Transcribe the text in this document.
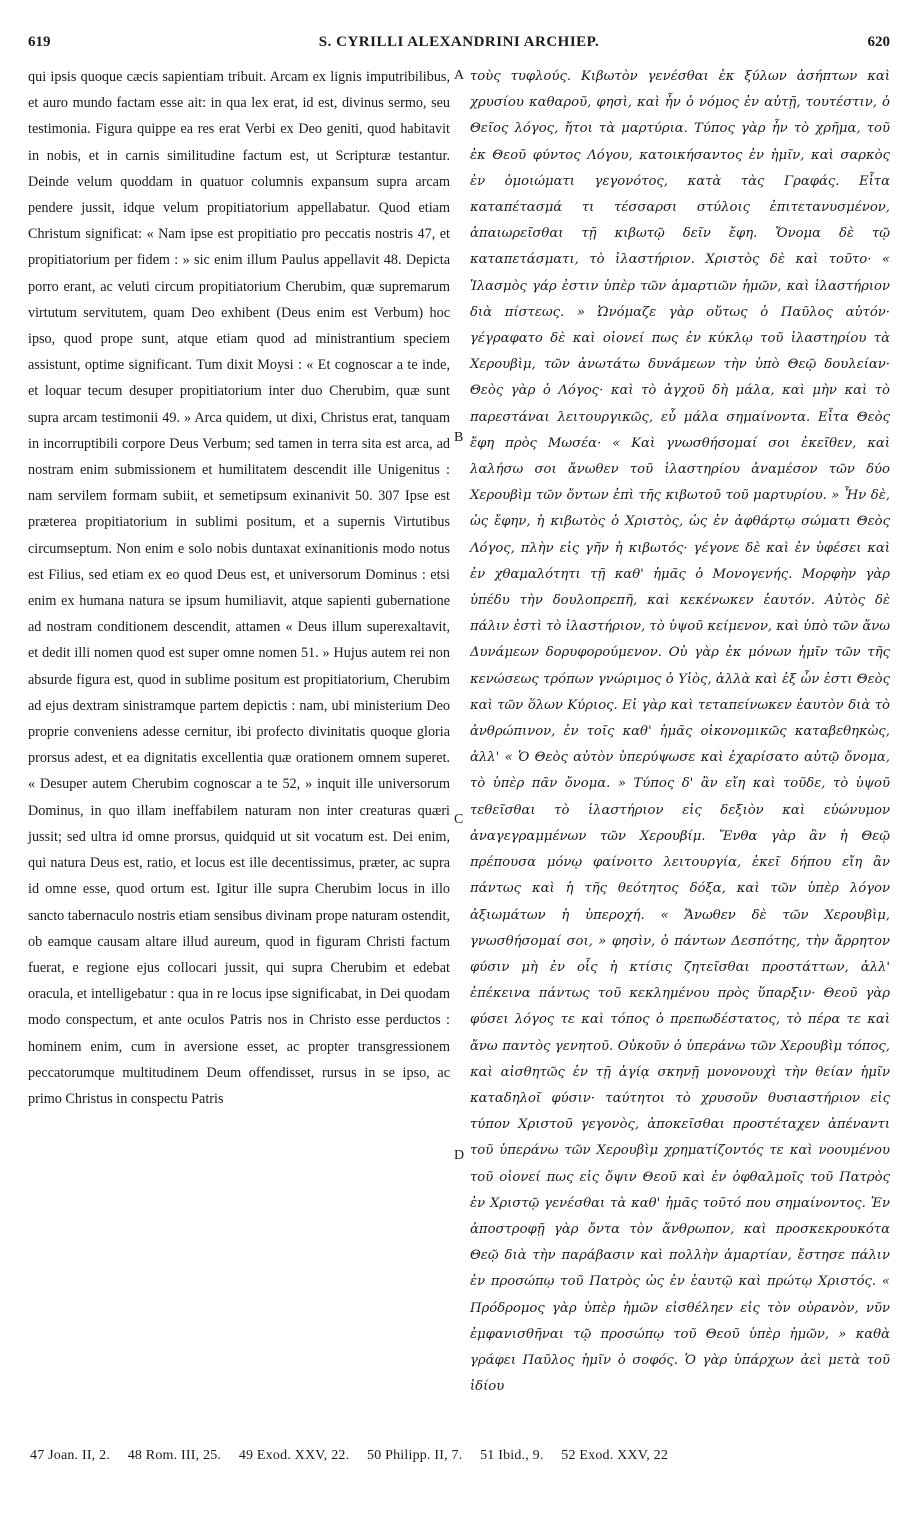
619	S. CYRILLI ALEXANDRINI ARCHIEP.	620

qui ipsis quoque cæcis sapientiam tribuit. Arcam ex lignis imputribilibus, et auro mundo factam esse ait: in qua lex erat, id est, divinus sermo, seu testimonia. Figura quippe ea res erat Verbi ex Deo geniti, quod habitavit in nobis, et in carnis similitudine factum est, ut Scripturæ testantur. Deinde velum quoddam in quatuor columnis expansum supra arcam pendere jussit, idque velum propitiatorium appellabatur. Quod etiam Christum significat: « Nam ipse est propitiatio pro peccatis nostris 47, et propitiatorium per fidem : » sic enim illum Paulus appellavit 48. Depicta porro erant, ac veluti circum propitiatorium Cherubim, quæ supremarum virtutum servitutem, quam Deo exhibent (Deus enim est Verbum) hoc ipso, quod prope sunt, atque etiam quod ad ministrantium speciem assistunt, optime significant. Tum dixit Moysi : « Et cognoscar a te inde, et loquar tecum desuper propitiatorium inter duo Cherubim, quæ sunt supra arcam testimonii 49. » Arca quidem, ut dixi, Christus erat, tanquam in incorruptibili corpore Deus Verbum; sed tamen in terra sita est arca, ad nostram enim submissionem et humilitatem descendit ille Unigenitus : nam servilem formam subiit, et semetipsum exinanivit 50. 307 Ipse est præterea propitiatorium in sublimi positum, et a supernis Virtutibus circumseptum. Non enim e solo nobis duntaxat exinanitionis modo notus est Filius, sed etiam ex eo quod Deus est, et universorum Dominus : etsi enim ex humana natura se ipsum humiliavit, atque sapienti gubernatione ad nostram conditionem descendit, attamen « Deus illum superexaltavit, et dedit illi nomen quod est super omne nomen 51. » Hujus autem rei non absurde figura est, quod in sublime positum est propitiatorium, Cherubim ad ejus dextram sinistramque partem depictis : nam, ubi ministerium Deo proprie conveniens adesse cernitur, ibi profecto divinitatis quoque gloria prorsus adest, et ea dignitatis excellentia quæ orationem omnem superet. « Desuper autem Cherubim cognoscar a te 52, » inquit ille universorum Dominus, in quo illam ineffabilem naturam non inter creaturas quæri jussit; sed ultra id omne prorsus, quidquid ut sit vocatum est. Dei enim, qui natura Deus est, ratio, et locus est ille decentissimus, præter, ac supra id omne esse, quod ortum est. Igitur ille supra Cherubim locus in illo sancto tabernaculo nostris etiam sensibus divinam prope naturam ostendit, ob eamque causam altare illud aureum, quod in figuram Christi factum fuerat, e regione ejus collocari jussit, qui supra Cherubim et edebat oracula, et intelligebatur : qua in re locus ipse significabat, in Dei quodam modo conspectum, et ante oculos Patris nos in Christo esse perductos : hominem enim, cum in aversione esset, ac propter transgressionem peccatorumque multitudinem Deum offendisset, rursus in se ipso, ac primo Christus in conspectu Patris

A
B
C
D

τοὺς τυφλούς. Κιβωτὸν γενέσθαι ἐκ ξύλων ἀσήπτων καὶ χρυσίου καθαροῦ, φησὶ, καὶ ἦν ὁ νόμος ἐν αὐτῇ, τουτέστιν, ὁ Θεῖος λόγος, ἤτοι τὰ μαρτύρια. Τύπος γὰρ ἦν τὸ χρῆμα, τοῦ ἐκ Θεοῦ φύντος Λόγου, κατοικήσαντος ἐν ἡμῖν, καὶ σαρκὸς ἐν ὁμοιώματι γεγονότος, κατὰ τὰς Γραφάς. Εἶτα καταπέτασμά τι τέσσαρσι στύλοις ἐπιτετανυσμένον, ἀπαιωρεῖσθαι τῇ κιβωτῷ δεῖν ἔφη. Ὄνομα δὲ τῷ καταπετάσματι, τὸ ἱλαστήριον. Χριστὸς δὲ καὶ τοῦτο· « Ἱλασμὸς γάρ ἐστιν ὑπὲρ τῶν ἁμαρτιῶν ἡμῶν, καὶ ἱλαστήριον διὰ πίστεως. » Ὠνόμαζε γὰρ οὕτως ὁ Παῦλος αὐτόν· γέγραφατο δὲ καὶ οἱονεί πως ἐν κύκλῳ τοῦ ἱλαστηρίου τὰ Χερουβὶμ, τῶν ἀνωτάτω δυνάμεων τὴν ὑπὸ Θεῷ δουλείαν· Θεὸς γὰρ ὁ Λόγος· καὶ τὸ ἀγχοῦ δὴ μάλα, καὶ μὴν καὶ τὸ παρεστάναι λειτουργικῶς, εὖ μάλα σημαίνοντα. Εἶτα Θεὸς ἔφη πρὸς Μωσέα· « Καὶ γνωσθήσομαί σοι ἐκεῖθεν, καὶ λαλήσω σοι ἄνωθεν τοῦ ἱλαστηρίου ἀναμέσον τῶν δύο Χερουβὶμ τῶν ὄντων ἐπὶ τῆς κιβωτοῦ τοῦ μαρτυρίου. » Ἦν δὲ, ὡς ἔφην, ἡ κιβωτὸς ὁ Χριστὸς, ὡς ἐν ἀφθάρτῳ σώματι Θεὸς Λόγος, πλὴν εἰς γῆν ἡ κιβωτός· γέγονε δὲ καὶ ἐν ὑφέσει καὶ ἐν χθαμαλότητι τῇ καθ' ἡμᾶς ὁ Μονογενής. Μορφὴν γὰρ ὑπέδυ τὴν δουλοπρεπῆ, καὶ κεκένωκεν ἑαυτόν. Αὐτὸς δὲ πάλιν ἐστὶ τὸ ἱλαστήριον, τὸ ὑψοῦ κείμενον, καὶ ὑπὸ τῶν ἄνω Δυνάμεων δορυφορούμενον. Οὐ γὰρ ἐκ μόνων ἡμῖν τῶν τῆς κενώσεως τρόπων γνώριμος ὁ Υἱὸς, ἀλλὰ καὶ ἐξ ὧν ἐστι Θεὸς καὶ τῶν ὅλων Κύριος. Εἰ γὰρ καὶ τεταπείνωκεν ἑαυτὸν διὰ τὸ ἀνθρώπινον, ἐν τοῖς καθ' ἡμᾶς οἰκονομικῶς καταβεθηκὼς, ἀλλ' « Ὁ Θεὸς αὐτὸν ὑπερύψωσε καὶ ἐχαρίσατο αὐτῷ ὄνομα, τὸ ὑπὲρ πᾶν ὄνομα. » Τύπος δ' ἂν εἴη καὶ τοῦδε, τὸ ὑψοῦ τεθεῖσθαι τὸ ἱλαστήριον εἰς δεξιὸν καὶ εὐώνυμον ἀναγεγραμμένων τῶν Χερουβίμ. Ἔνθα γὰρ ἂν ἡ Θεῷ πρέπουσα μόνῳ φαίνοιτο λειτουργία, ἐκεῖ δήπου εἴη ἂν πάντως καὶ ἡ τῆς θεότητος δόξα, καὶ τῶν ὑπὲρ λόγον ἀξιωμάτων ἡ ὑπεροχή. « Ἄνωθεν δὲ τῶν Χερουβὶμ, γνωσθήσομαί σοι, » φησὶν, ὁ πάντων Δεσπότης, τὴν ἄρρητον φύσιν μὴ ἐν οἷς ἡ κτίσις ζητεῖσθαι προστάττων, ἀλλ' ἐπέκεινα πάντως τοῦ κεκλημένου πρὸς ὕπαρξιν· Θεοῦ γὰρ φύσει λόγος τε καὶ τόπος ὁ πρεπωδέστατος, τὸ πέρα τε καὶ ἄνω παντὸς γενητοῦ. Οὐκοῦν ὁ ὑπεράνω τῶν Χερουβὶμ τόπος, καὶ αἰσθητῶς ἐν τῇ ἁγίᾳ σκηνῇ μονονουχὶ τὴν θείαν ἡμῖν καταδηλοῖ φύσιν· ταύτητοι τὸ χρυσοῦν θυσιαστήριον εἰς τύπον Χριστοῦ γεγονὸς, ἀποκεῖσθαι προστέταχεν ἀπέναντι τοῦ ὑπεράνω τῶν Χερουβὶμ χρηματίζοντός τε καὶ νοουμένου τοῦ οἱονεί πως εἰς ὄψιν Θεοῦ καὶ ἐν ὀφθαλμοῖς τοῦ Πατρὸς ἐν Χριστῷ γενέσθαι τὰ καθ' ἡμᾶς τοῦτό που σημαίνοντος. Ἐν ἀποστροφῇ γὰρ ὄντα τὸν ἄνθρωπον, καὶ προσκεκρουκότα Θεῷ διὰ τὴν παράβασιν καὶ πολλὴν ἁμαρτίαν, ἔστησε πάλιν ἐν προσώπῳ τοῦ Πατρὸς ὡς ἐν ἑαυτῷ καὶ πρώτῳ Χριστός. « Πρόδρομος γὰρ ὑπὲρ ἡμῶν εἰσθέληεν εἰς τὸν οὐρανὸν, νῦν ἐμφανισθῆναι τῷ προσώπῳ τοῦ Θεοῦ ὑπὲρ ἡμῶν, » καθὰ γράφει Παῦλος ἡμῖν ὁ σοφός. Ὁ γὰρ ὑπάρχων ἀεὶ μετὰ τοῦ ἰδίου

47 Joan. II, 2. 48 Rom. III, 25. 49 Exod. XXV, 22. 50 Philipp. II, 7. 51 Ibid., 9. 52 Exod. XXV, 22
